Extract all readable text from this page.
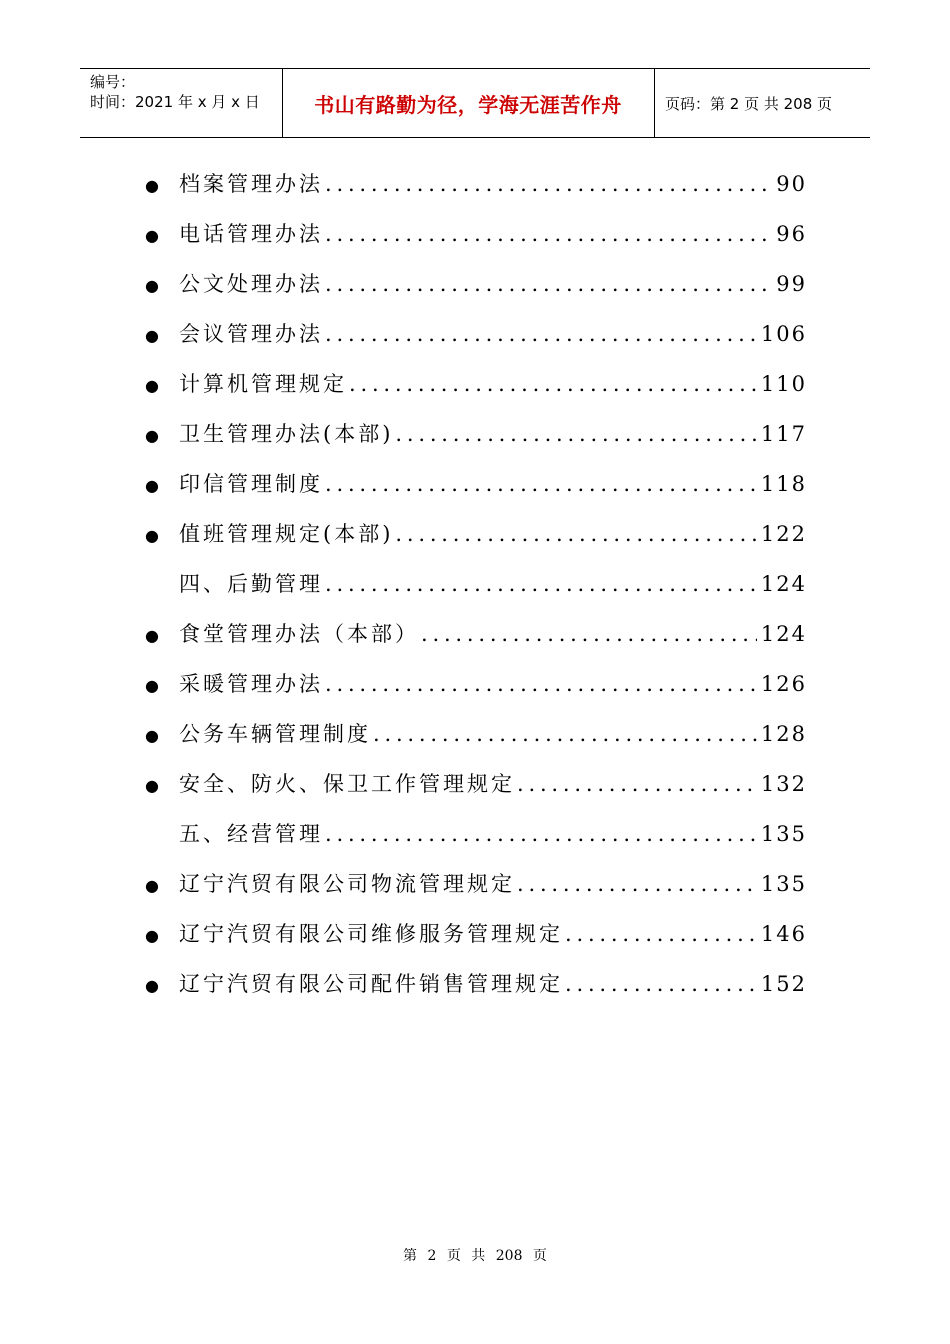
编号：
时间：2021 年 x 月 x 日	书山有路勤为径，学海无涯苦作舟	页码：第 2 页 共 208 页
● 档案管理办法 .....	90
● 电话管理办法 .....	96
● 公文处理办法 .....	99
● 会议管理办法 .....	106
● 计算机管理规定 .....	110
● 卫生管理办法(本部) .....	117
● 印信管理制度 .....	118
● 值班管理规定(本部) .....	122
四、后勤管理 .....	124
● 食堂管理办法（本部） .....	124
● 采暖管理办法 .....	126
● 公务车辆管理制度 .....	128
● 安全、防火、保卫工作管理规定 .....	132
五、经营管理 .....	135
● 辽宁汽贸有限公司物流管理规定 .....	135
● 辽宁汽贸有限公司维修服务管理规定 .....	146
● 辽宁汽贸有限公司配件销售管理规定 .....	152
第 2 页 共 208 页
